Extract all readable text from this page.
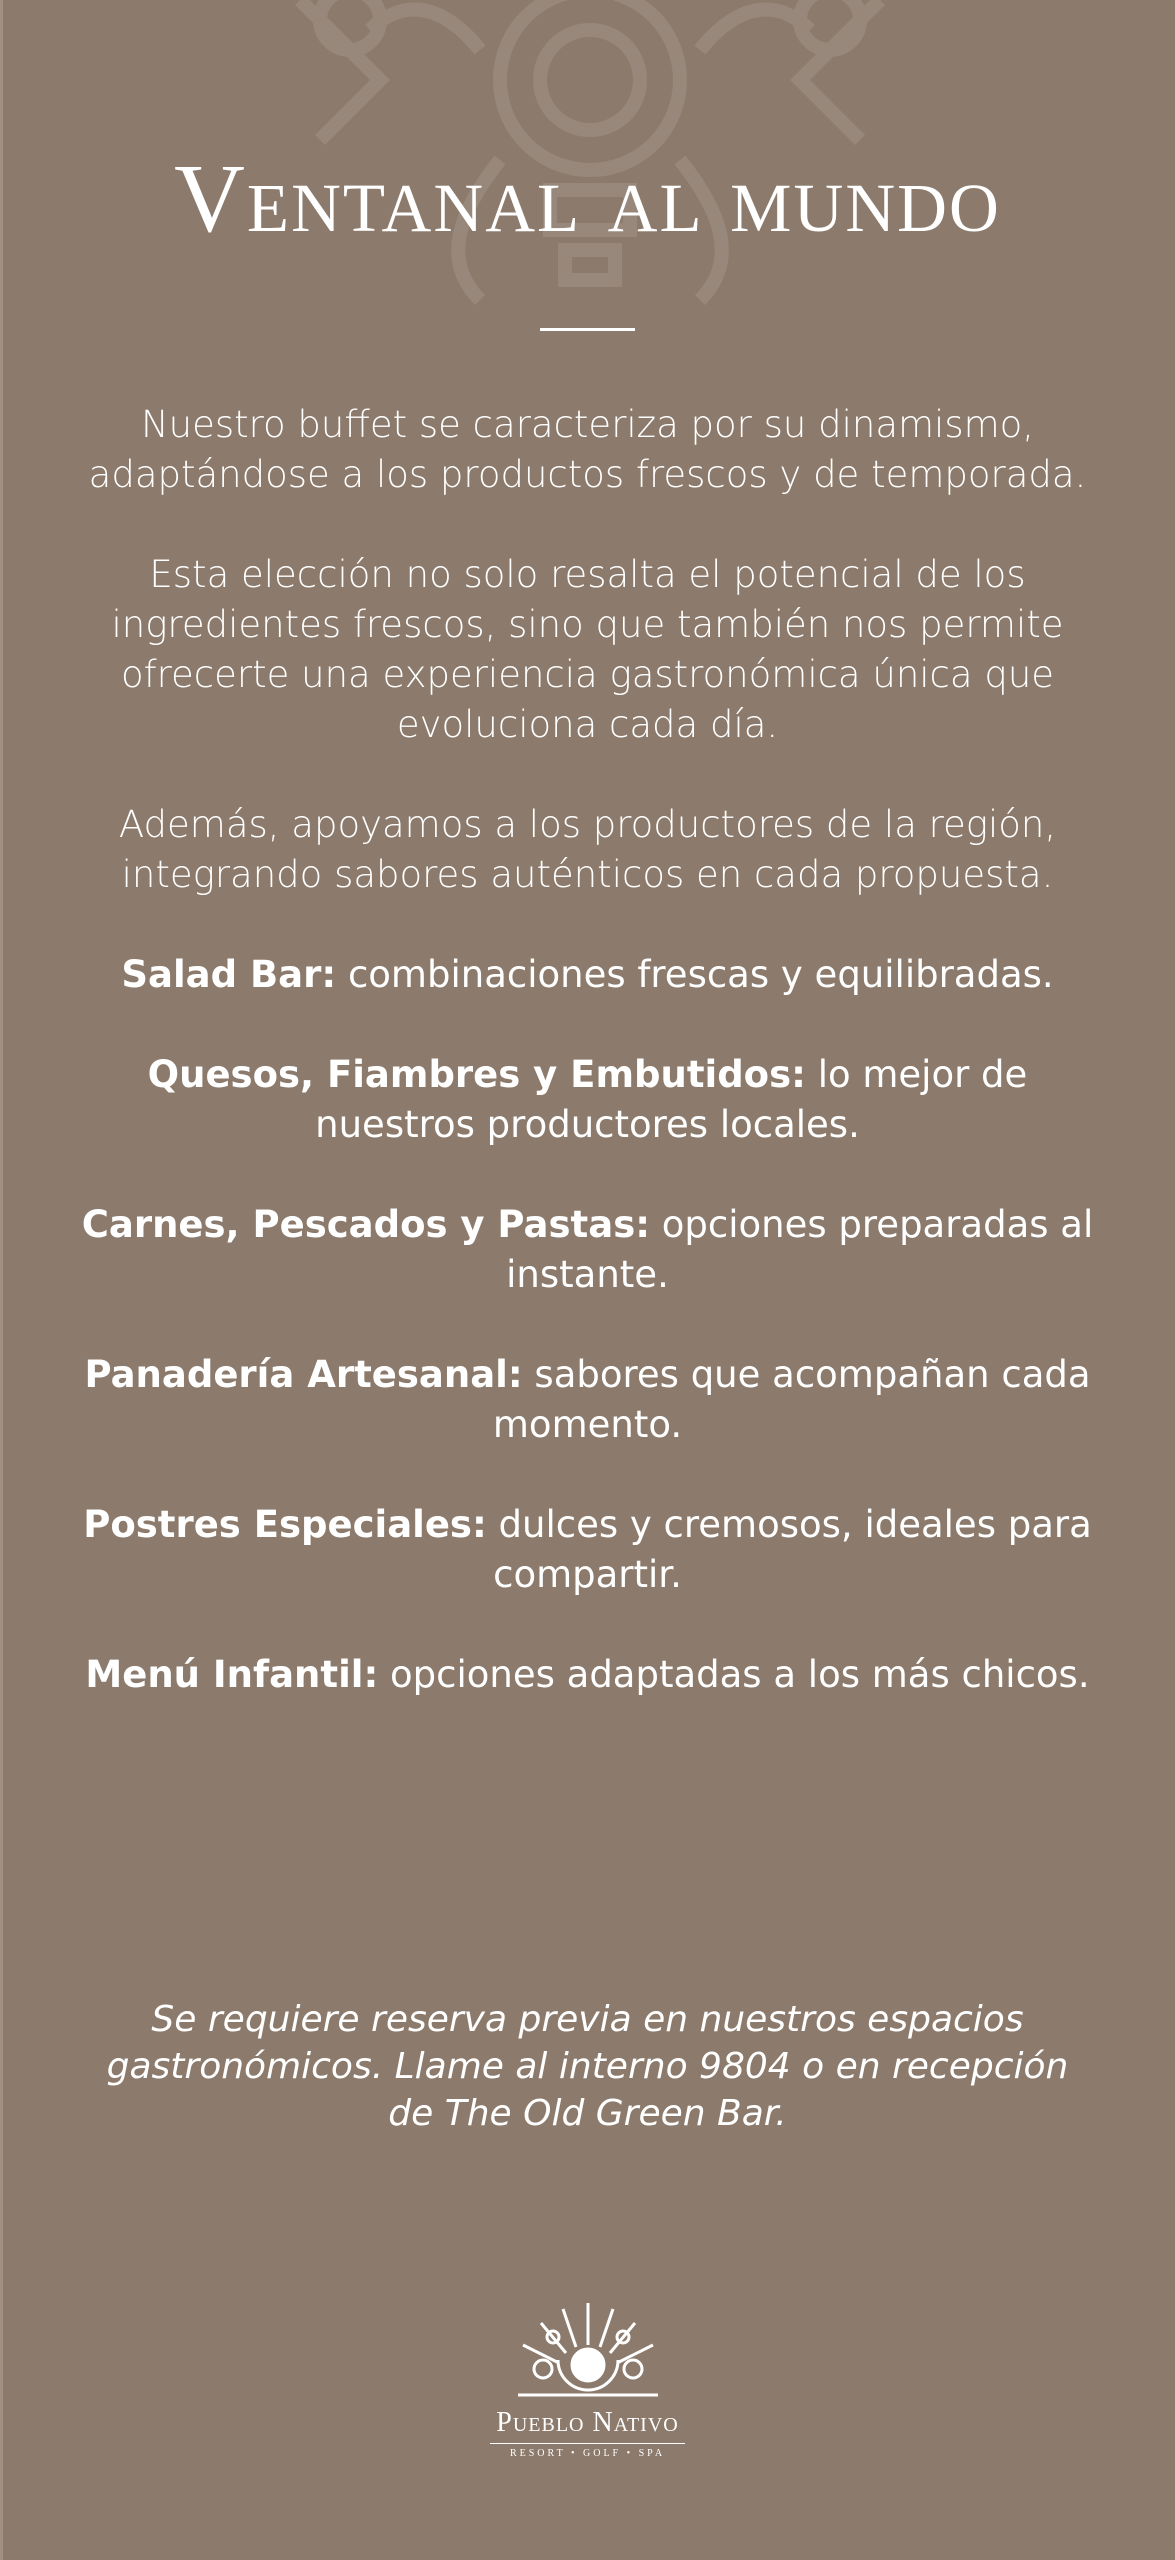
Ventanal al mundo

Nuestro buffet se caracteriza por su dinamismo, adaptándose a los productos frescos y de temporada.

Esta elección no solo resalta el potencial de los ingredientes frescos, sino que también nos permite ofrecerte una experiencia gastronómica única que evoluciona cada día.

Además, apoyamos a los productores de la región, integrando sabores auténticos en cada propuesta.

Salad Bar: combinaciones frescas y equilibradas.

Quesos, Fiambres y Embutidos: lo mejor de nuestros productores locales.

Carnes, Pescados y Pastas: opciones preparadas al instante.

Panadería Artesanal: sabores que acompañan cada momento.

Postres Especiales: dulces y cremosos, ideales para compartir.

Menú Infantil: opciones adaptadas a los más chicos.

Se requiere reserva previa en nuestros espacios gastronómicos. Llame al interno 9804 o en recepción de The Old Green Bar.

Pueblo Nativo
RESORT • GOLF • SPA
